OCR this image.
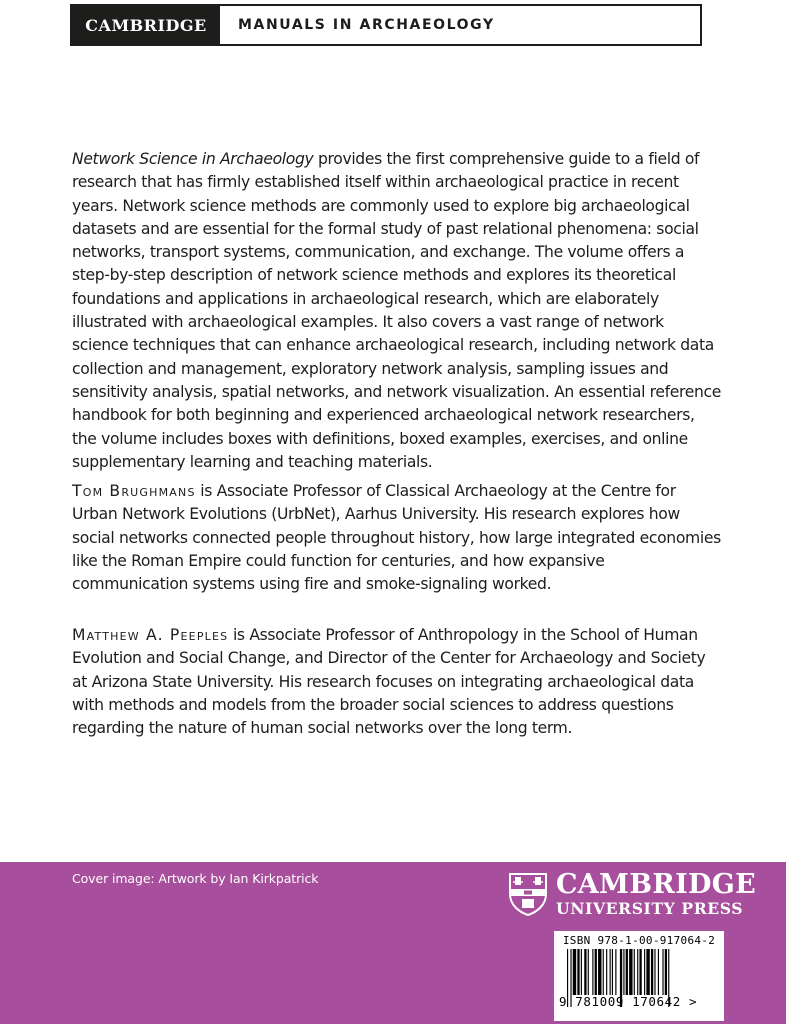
CAMBRIDGE	MANUALS IN ARCHAEOLOGY

Network Science in Archaeology provides the first comprehensive guide to a field of research that has firmly established itself within archaeological practice in recent years. Network science methods are commonly used to explore big archaeological datasets and are essential for the formal study of past relational phenomena: social networks, transport systems, communication, and exchange. The volume offers a step-by-step description of network science methods and explores its theoretical foundations and applications in archaeological research, which are elaborately illustrated with archaeological examples. It also covers a vast range of network science techniques that can enhance archaeological research, including network data collection and management, exploratory network analysis, sampling issues and sensitivity analysis, spatial networks, and network visualization. An essential reference handbook for both beginning and experienced archaeological network researchers, the volume includes boxes with definitions, boxed examples, exercises, and online supplementary learning and teaching materials.

Tom Brughmans is Associate Professor of Classical Archaeology at the Centre for Urban Network Evolutions (UrbNet), Aarhus University. His research explores how social networks connected people throughout history, how large integrated economies like the Roman Empire could function for centuries, and how expansive communication systems using fire and smoke-signaling worked.

Matthew A. Peeples is Associate Professor of Anthropology in the School of Human Evolution and Social Change, and Director of the Center for Archaeology and Society at Arizona State University. His research focuses on integrating archaeological data with methods and models from the broader social sciences to address questions regarding the nature of human social networks over the long term.

Cover image: Artwork by Ian Kirkpatrick	CAMBRIDGE
UNIVERSITY PRESS
ISBN 978-1-00-917064-2
9 781009 170642 >
